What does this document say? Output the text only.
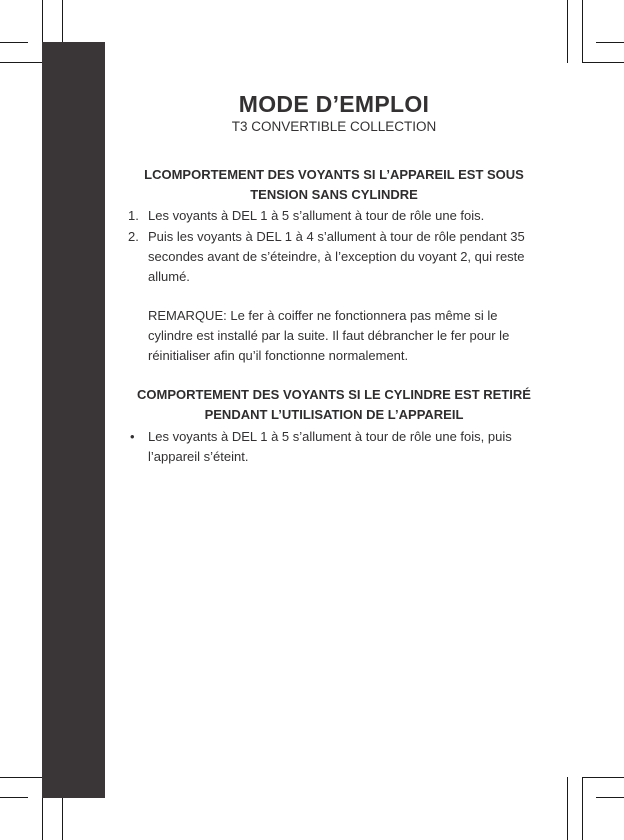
MODE D’EMPLOI

T3 CONVERTIBLE COLLECTION

LCOMPORTEMENT DES VOYANTS SI L’APPAREIL EST SOUS TENSION SANS CYLINDRE

1. Les voyants à DEL 1 à 5 s’allument à tour de rôle une fois.

2. Puis les voyants à DEL 1 à 4 s’allument à tour de rôle pendant 35 secondes avant de s’éteindre, à l’exception du voyant 2, qui reste allumé.

REMARQUE: Le fer à coiffer ne fonctionnera pas même si le cylindre est installé par la suite. Il faut débrancher le fer pour le réinitialiser afin qu’il fonctionne normalement.

COMPORTEMENT DES VOYANTS SI LE CYLINDRE EST RETIRÉ PENDANT L’UTILISATION DE L’APPAREIL

• Les voyants à DEL 1 à 5 s’allument à tour de rôle une fois, puis l’appareil s’éteint.
